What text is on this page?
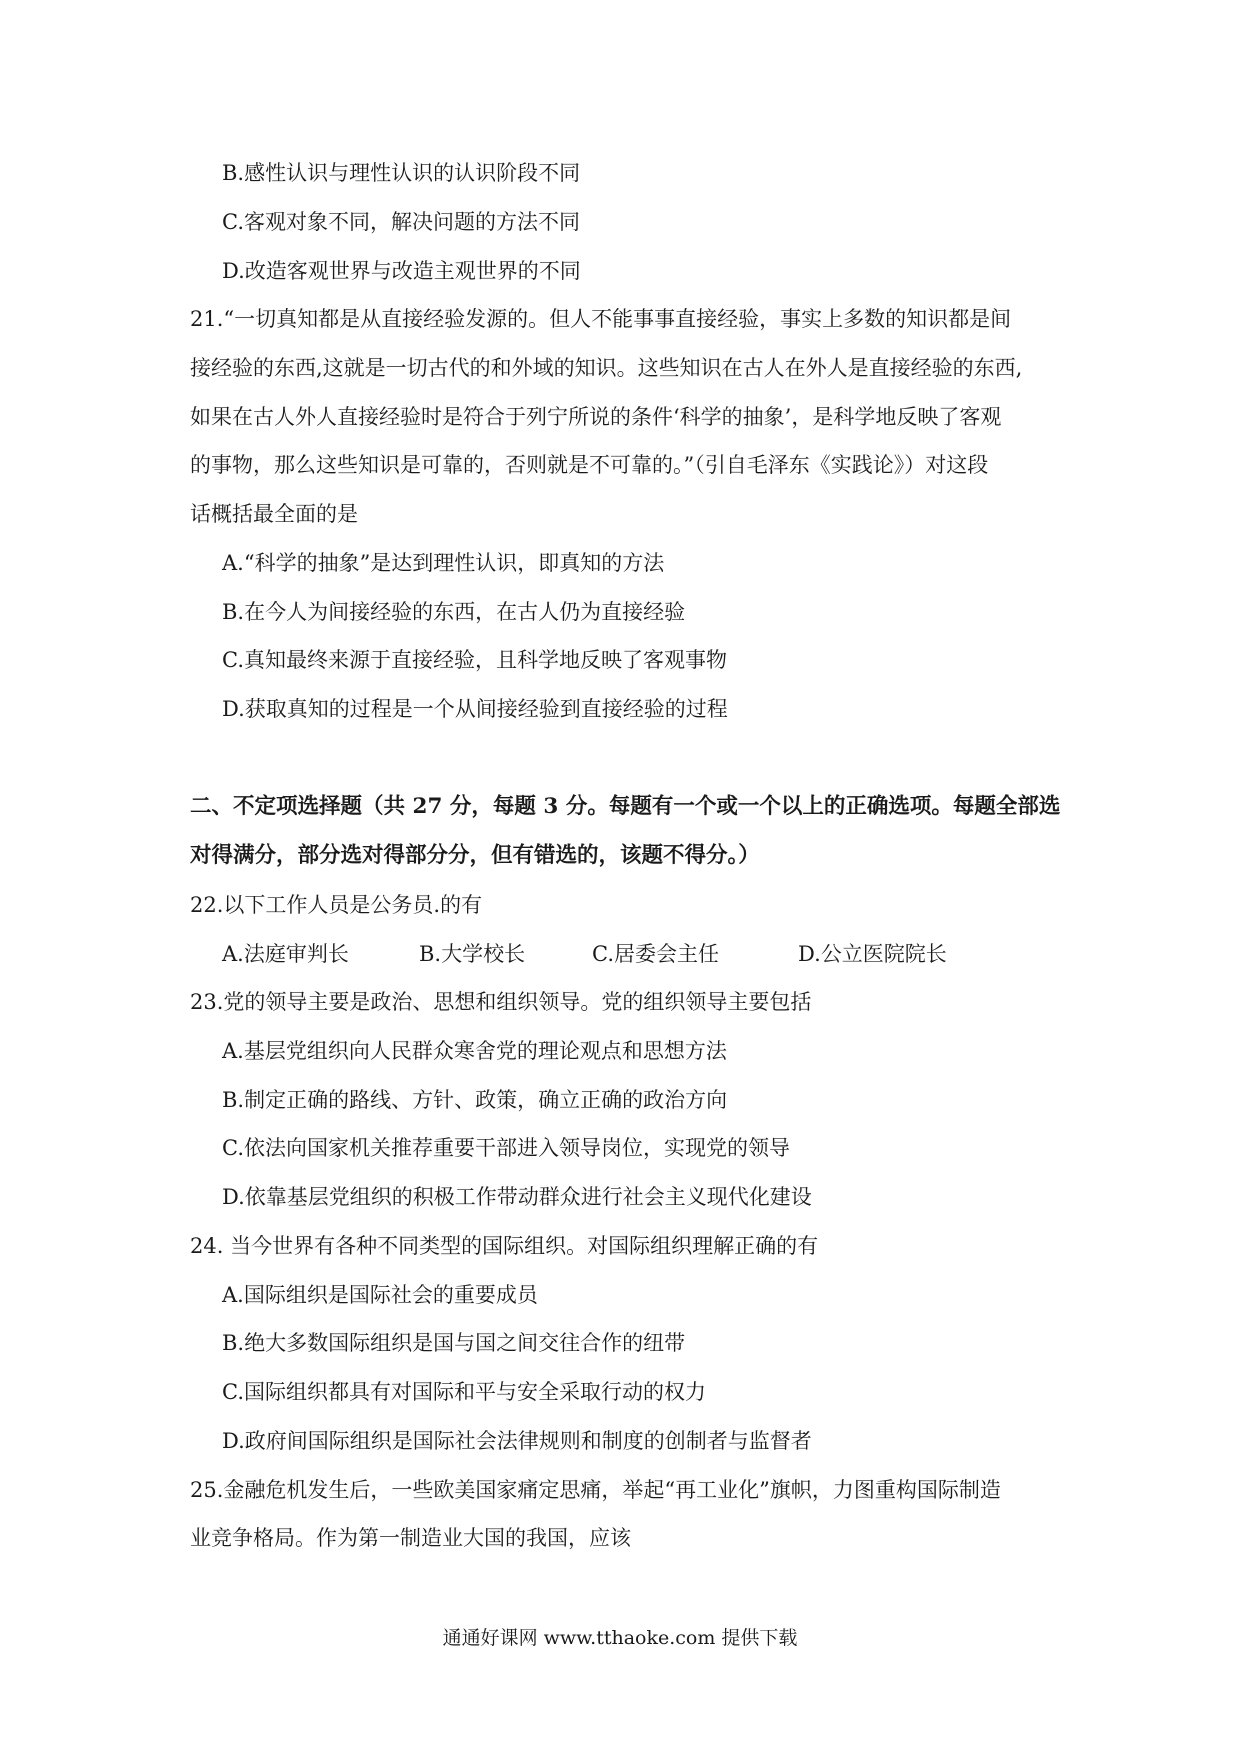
B.感性认识与理性认识的认识阶段不同
C.客观对象不同，解决问题的方法不同
D.改造客观世界与改造主观世界的不同
21.“一切真知都是从直接经验发源的。但人不能事事直接经验，事实上多数的知识都是间
接经验的东西,这就是一切古代的和外域的知识。这些知识在古人在外人是直接经验的东西,
如果在古人外人直接经验时是符合于列宁所说的条件‘科学的抽象’，是科学地反映了客观
的事物，那么这些知识是可靠的，否则就是不可靠的。”（引自毛泽东《实践论》）对这段
话概括最全面的是
A.“科学的抽象”是达到理性认识，即真知的方法
B.在今人为间接经验的东西，在古人仍为直接经验
C.真知最终来源于直接经验，且科学地反映了客观事物
D.获取真知的过程是一个从间接经验到直接经验的过程
二、不定项选择题（共 27 分，每题 3 分。每题有一个或一个以上的正确选项。每题全部选
对得满分，部分选对得部分分，但有错选的，该题不得分。）
22.以下工作人员是公务员.的有
A.法庭审判长	B.大学校长	C.居委会主任	D.公立医院院长
23.党的领导主要是政治、思想和组织领导。党的组织领导主要包括
A.基层党组织向人民群众寒舍党的理论观点和思想方法
B.制定正确的路线、方针、政策，确立正确的政治方向
C.依法向国家机关推荐重要干部进入领导岗位，实现党的领导
D.依靠基层党组织的积极工作带动群众进行社会主义现代化建设
24. 当今世界有各种不同类型的国际组织。对国际组织理解正确的有
A.国际组织是国际社会的重要成员
B.绝大多数国际组织是国与国之间交往合作的纽带
C.国际组织都具有对国际和平与安全采取行动的权力
D.政府间国际组织是国际社会法律规则和制度的创制者与监督者
25.金融危机发生后，一些欧美国家痛定思痛，举起“再工业化”旗帜，力图重构国际制造
业竞争格局。作为第一制造业大国的我国，应该
通通好课网 www.tthaoke.com 提供下载
